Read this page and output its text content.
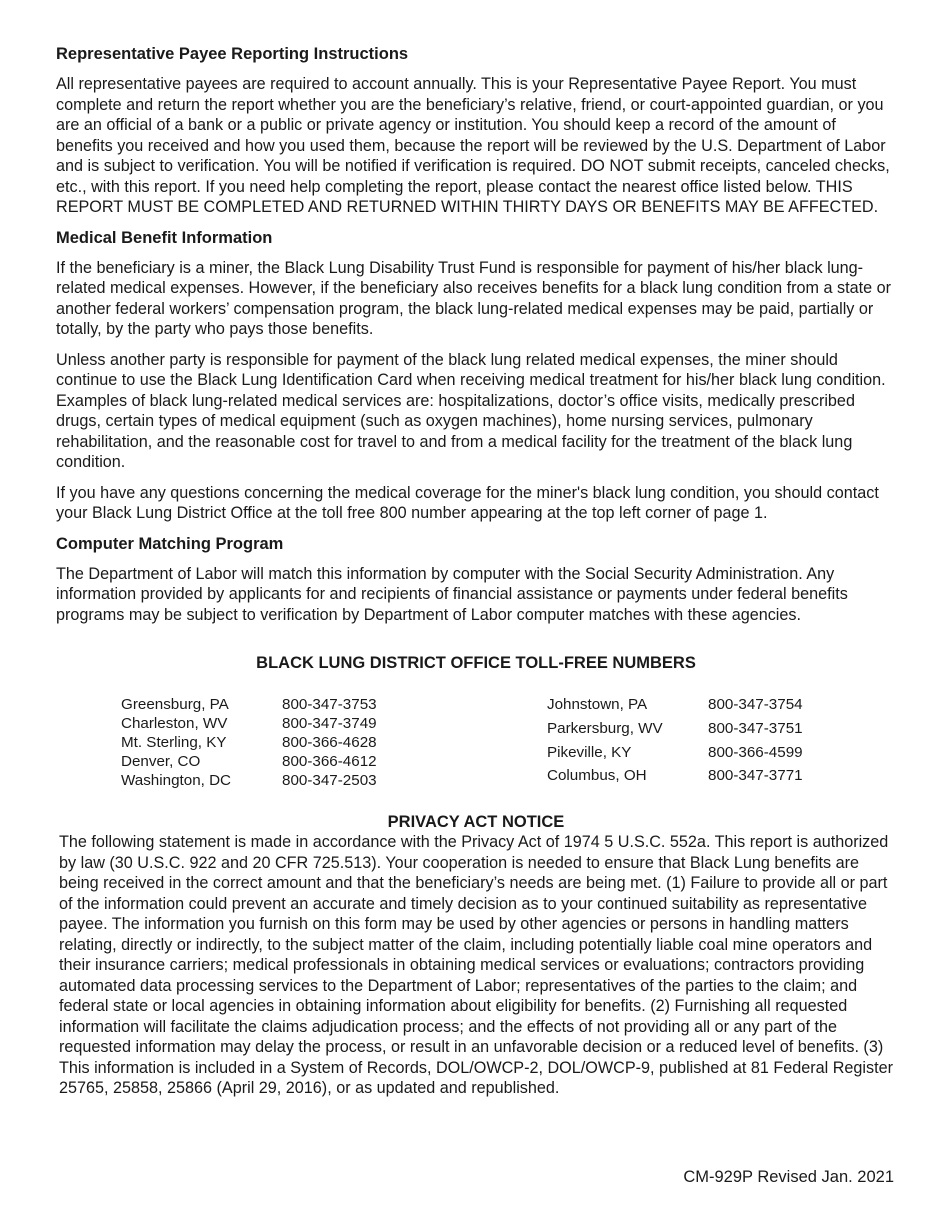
Representative Payee Reporting Instructions

All representative payees are required to account annually. This is your Representative Payee Report. You must complete and return the report whether you are the beneficiary’s relative, friend, or court-appointed guardian, or you are an official of a bank or a public or private agency or institution. You should keep a record of the amount of benefits you received and how you used them, because the report will be reviewed by the U.S. Department of Labor and is subject to verification. You will be notified if verification is required. DO NOT submit receipts, canceled checks, etc., with this report. If you need help completing the report, please contact the nearest office listed below. THIS REPORT MUST BE COMPLETED AND RETURNED WITHIN THIRTY DAYS OR BENEFITS MAY BE AFFECTED.

Medical Benefit Information

If the beneficiary is a miner, the Black Lung Disability Trust Fund is responsible for payment of his/her black lung-related medical expenses. However, if the beneficiary also receives benefits for a black lung condition from a state or another federal workers’ compensation program, the black lung-related medical expenses may be paid, partially or totally, by the party who pays those benefits.

Unless another party is responsible for payment of the black lung related medical expenses, the miner should continue to use the Black Lung Identification Card when receiving medical treatment for his/her black lung condition. Examples of black lung-related medical services are: hospitalizations, doctor’s office visits, medically prescribed drugs, certain types of medical equipment (such as oxygen machines), home nursing services, pulmonary rehabilitation, and the reasonable cost for travel to and from a medical facility for the treatment of the black lung condition.

If you have any questions concerning the medical coverage for the miner's black lung condition, you should contact your Black Lung District Office at the toll free 800 number appearing at the top left corner of page 1.

Computer Matching Program

The Department of Labor will match this information by computer with the Social Security Administration. Any information provided by applicants for and recipients of financial assistance or payments under federal benefits programs may be subject to verification by Department of Labor computer matches with these agencies.

BLACK LUNG DISTRICT OFFICE TOLL-FREE NUMBERS
Greensburg, PA	800-347-3753
Charleston, WV	800-347-3749
Mt. Sterling, KY	800-366-4628
Denver, CO	800-366-4612
Washington, DC	800-347-2503
Johnstown, PA	800-347-3754
Parkersburg, WV	800-347-3751
Pikeville, KY	800-366-4599
Columbus, OH	800-347-3771
PRIVACY ACT NOTICE

The following statement is made in accordance with the Privacy Act of 1974 5 U.S.C. 552a. This report is authorized by law (30 U.S.C. 922 and 20 CFR 725.513). Your cooperation is needed to ensure that Black Lung benefits are being received in the correct amount and that the beneficiary’s needs are being met. (1) Failure to provide all or part of the information could prevent an accurate and timely decision as to your continued suitability as representative payee. The information you furnish on this form may be used by other agencies or persons in handling matters relating, directly or indirectly, to the subject matter of the claim, including potentially liable coal mine operators and their insurance carriers; medical professionals in obtaining medical services or evaluations; contractors providing automated data processing services to the Department of Labor; representatives of the parties to the claim; and federal state or local agencies in obtaining information about eligibility for benefits. (2) Furnishing all requested information will facilitate the claims adjudication process; and the effects of not providing all or any part of the requested information may delay the process, or result in an unfavorable decision or a reduced level of benefits. (3) This information is included in a System of Records, DOL/OWCP-2, DOL/OWCP-9, published at 81 Federal Register 25765, 25858, 25866 (April 29, 2016), or as updated and republished.

CM-929P Revised Jan. 2021
